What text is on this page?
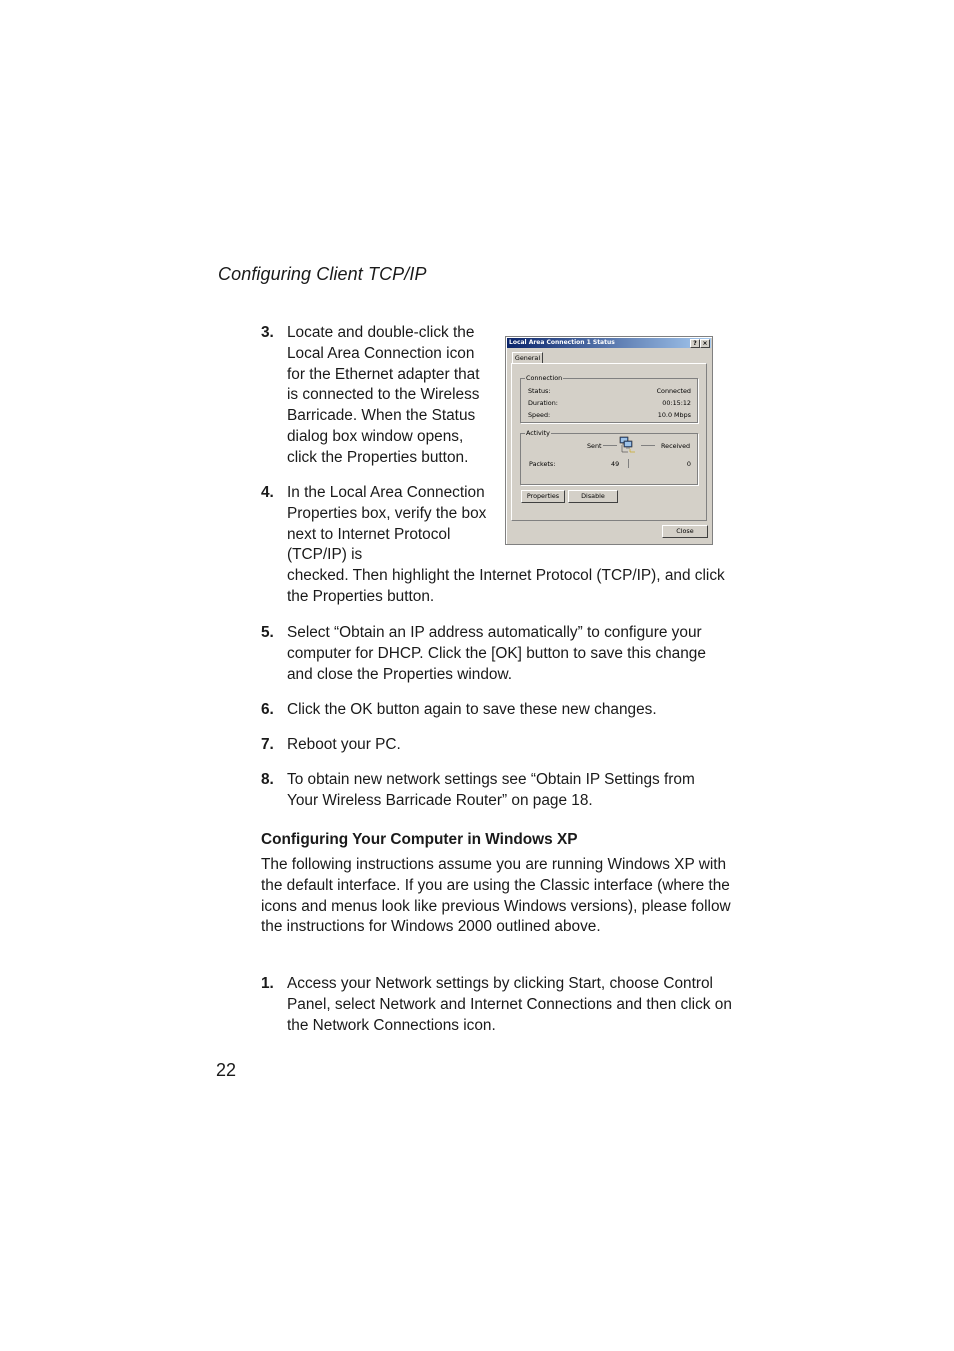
Configuring Client TCP/IP
3. Locate and double-click the Local Area Connection icon for the Ethernet adapter that is connected to the Wireless Barricade. When the Status dialog box window opens, click the Properties button.
4. In the Local Area Connection Properties box, verify the box next to Internet Protocol (TCP/IP) is
checked. Then highlight the Internet Protocol (TCP/IP), and click the Properties button.
5. Select “Obtain an IP address automatically” to configure your computer for DHCP. Click the [OK] button to save this change and close the Properties window.
6. Click the OK button again to save these new changes.
7. Reboot your PC.
8. To obtain new network settings see “Obtain IP Settings from Your Wireless Barricade Router” on page 18.
Configuring Your Computer in Windows XP
The following instructions assume you are running Windows XP with the default interface. If you are using the Classic interface (where the icons and menus look like previous Windows versions), please follow the instructions for Windows 2000 outlined above.
1. Access your Network settings by clicking Start, choose Control Panel, select Network and Internet Connections and then click on the Network Connections icon.
22
Local Area Connection 1 Status	? ×
General
Connection
Status:	Connected
Duration:	00:15:12
Speed:	10.0 Mbps
Activity
Sent	Received
Packets:	49	0
Properties	Disable
Close
